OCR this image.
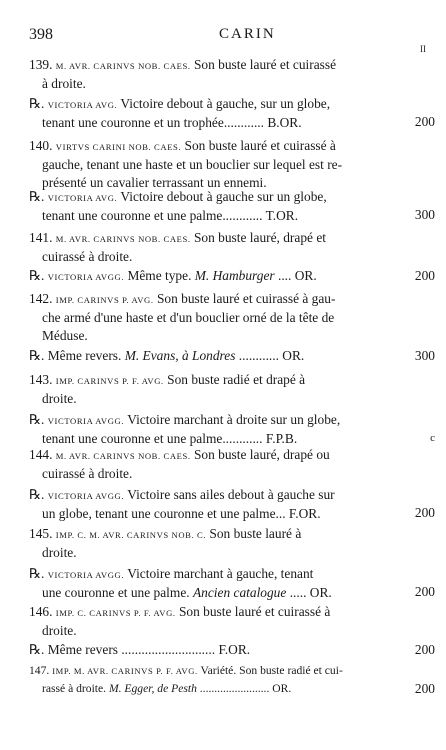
398	CARIN
II
139. M. AVR. CARINVS NOB. CAES. Son buste lauré et cuirassé
à droite.
℞. VICTORIA AVG. Victoire debout à gauche, sur un globe,
tenant une couronne et un trophée............ B.OR.	200
140. VIRTVS CARINI NOB. CAES. Son buste lauré et cuirassé à
gauche, tenant une haste et un bouclier sur lequel est re-
présenté un cavalier terrassant un ennemi.
℞. VICTORIA AVG. Victoire debout à gauche sur un globe,
tenant une couronne et une palme............ T.OR.	300
141. M. AVR. CARINVS NOB. CAES. Son buste lauré, drapé et
cuirassé à droite.
℞. VICTORIA AVGG. Même type. M. Hamburger .... OR.	200
142. IMP. CARINVS P. AVG. Son buste lauré et cuirassé à gau-
che armé d'une haste et d'un bouclier orné de la tête de
Méduse.
℞. Même revers. M. Evans, à Londres ............ OR.	300
143. IMP. CARINVS P. F. AVG. Son buste radié et drapé à
droite.
℞. VICTORIA AVGG. Victoire marchant à droite sur un globe,
tenant une couronne et une palme............ F.P.B.	c
144. M. AVR. CARINVS NOB. CAES. Son buste lauré, drapé ou
cuirassé à droite.
℞. VICTORIA AVGG. Victoire sans ailes debout à gauche sur
un globe, tenant une couronne et une palme... F.OR.	200
145. IMP. C. M. AVR. CARINVS NOB. C. Son buste lauré à
droite.
℞. VICTORIA AVGG. Victoire marchant à gauche, tenant
une couronne et une palme. Ancien catalogue ..... OR.	200
146. IMP. C. CARINVS P. F. AVG. Son buste lauré et cuirassé à
droite.
℞. Même revers ............................ F.OR.	200
147. IMP. M. AVR. CARINVS P. F. AVG. Variété. Son buste radié et cui-
rassé à droite. M. Egger, de Pesth ........................ OR.	200
